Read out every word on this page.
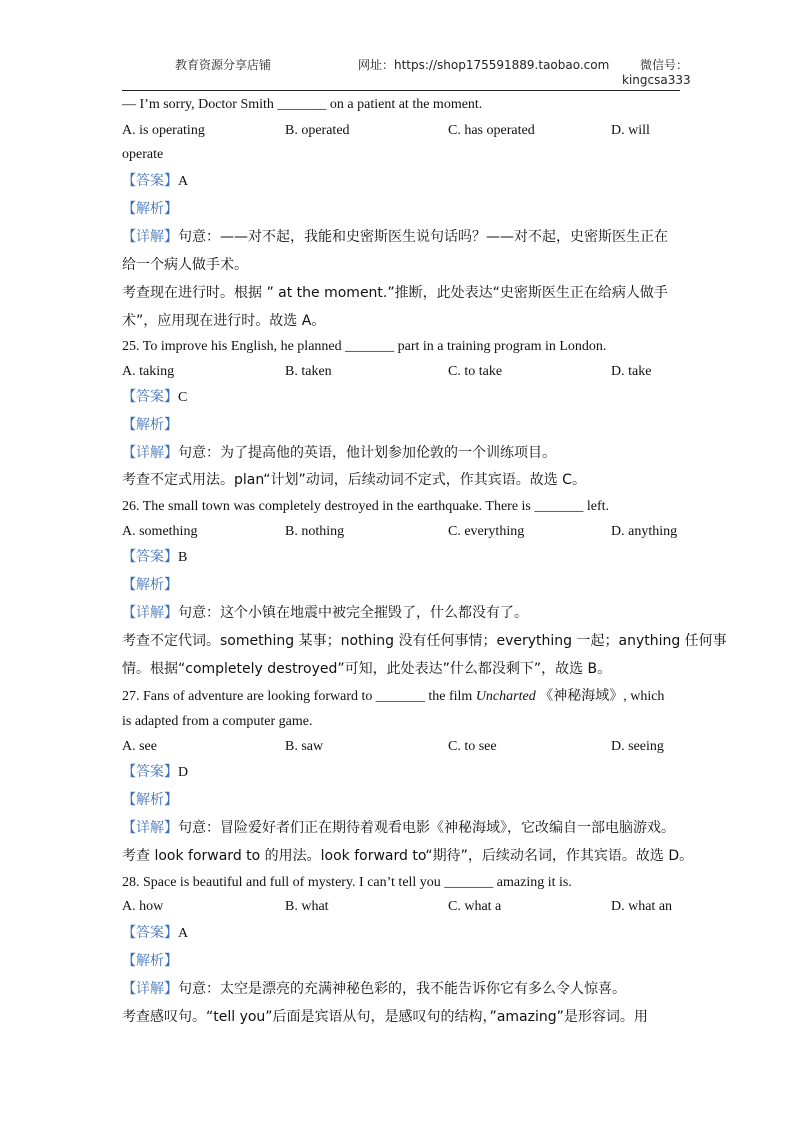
教育资源分享店铺	网址：https://shop175591889.taobao.com	微信号：
kingcsa333
— I’m sorry, Doctor Smith _______ on a patient at the moment.
A. is operating	B. operated	C. has operated	D. will
operate
【答案】A
【解析】
【详解】句意：——对不起，我能和史密斯医生说句话吗？——对不起，史密斯医生正在
给一个病人做手术。
考查现在进行时。根据 ” at the moment.”推断，此处表达“史密斯医生正在给病人做手
术”，应用现在进行时。故选 A。
25. To improve his English, he planned _______ part in a training program in London.
A. taking	B. taken	C. to take	D. take
【答案】C
【解析】
【详解】句意：为了提高他的英语，他计划参加伦敦的一个训练项目。
考查不定式用法。plan“计划”动词，后续动词不定式，作其宾语。故选 C。
26. The small town was completely destroyed in the earthquake. There is _______ left.
A. something	B. nothing	C. everything	D. anything
【答案】B
【解析】
【详解】句意：这个小镇在地震中被完全摧毁了，什么都没有了。
考查不定代词。something 某事；nothing 没有任何事情；everything 一起；anything 任何事
情。根据“completely destroyed”可知，此处表达”什么都没剩下”，故选 B。
27. Fans of adventure are looking forward to _______ the film Uncharted 《神秘海域》, which
is adapted from a computer game.
A. see	B. saw	C. to see	D. seeing
【答案】D
【解析】
【详解】句意：冒险爱好者们正在期待着观看电影《神秘海域》，它改编自一部电脑游戏。
考查 look forward to 的用法。look forward to“期待”，后续动名词，作其宾语。故选 D。
28. Space is beautiful and full of mystery. I can’t tell you _______ amazing it is.
A. how	B. what	C. what a	D. what an
【答案】A
【解析】
【详解】句意：太空是漂亮的充满神秘色彩的，我不能告诉你它有多么令人惊喜。
考查感叹句。“tell you”后面是宾语从句，是感叹句的结构，”amazing”是形容词。用
